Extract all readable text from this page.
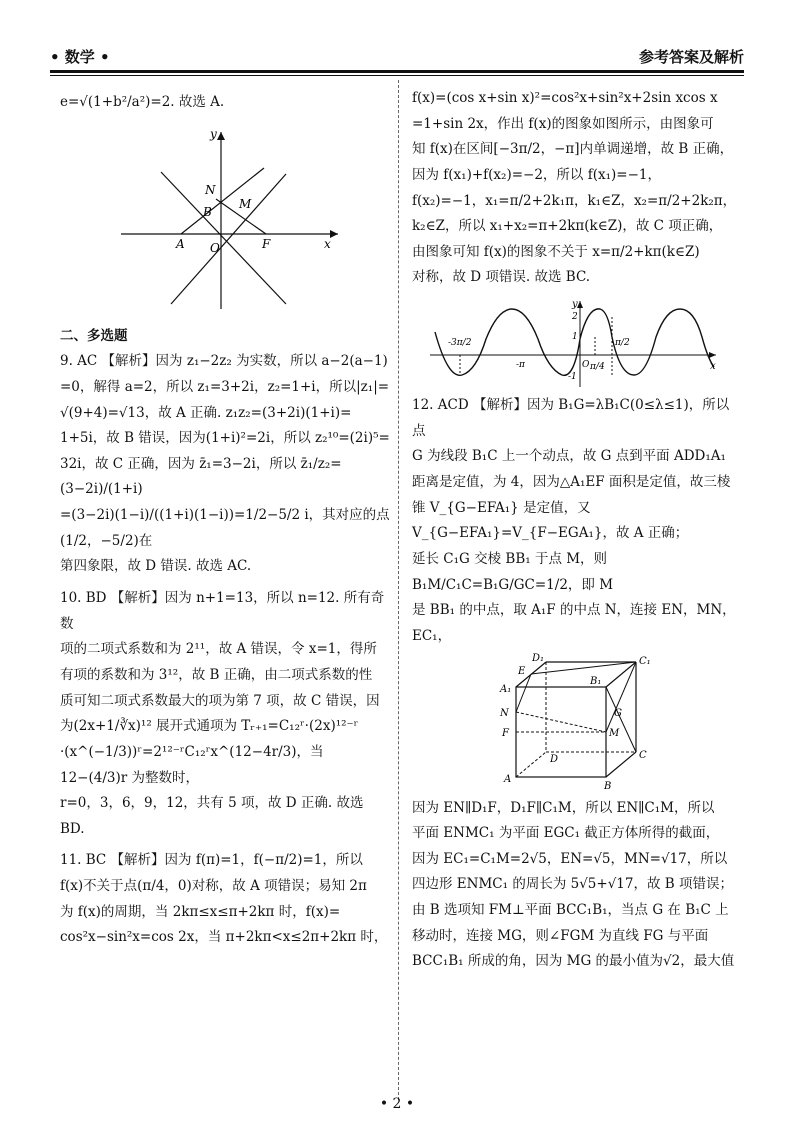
• 数学 •	参考答案及解析

e=√(1+b²/a²)=2. 故选 A.

y
x
N
B
M
A O	F

二、多选题

9. AC 【解析】因为 z₁−2z₂ 为实数，所以 a−2(a−1)

=0，解得 a=2，所以 z₁=3+2i，z₂=1+i，所以|z₁|=

√(9+4)=√13，故 A 正确. z₁z₂=(3+2i)(1+i)=

1+5i，故 B 错误，因为(1+i)²=2i，所以 z₂¹⁰=(2i)⁵=

32i，故 C 正确，因为 z̄₁=3−2i，所以 z̄₁/z₂=(3−2i)/(1+i)

=(3−2i)(1−i)/((1+i)(1−i))=1/2−5/2 i，其对应的点(1/2，−5/2)在

第四象限，故 D 错误. 故选 AC.

10. BD 【解析】因为 n+1=13，所以 n=12. 所有奇数

项的二项式系数和为 2¹¹，故 A 错误，令 x=1，得所

有项的系数和为 3¹²，故 B 正确，由二项式系数的性

质可知二项式系数最大的项为第 7 项，故 C 错误，因

为(2x+1/∛x)¹² 展开式通项为 Tᵣ₊₁=C₁₂ʳ·(2x)¹²⁻ʳ

·(x^(−1/3))ʳ=2¹²⁻ʳC₁₂ʳx^(12−4r/3)，当 12−(4/3)r 为整数时，

r=0，3，6，9，12，共有 5 项，故 D 正确. 故选 BD.

11. BC 【解析】因为 f(π)=1，f(−π/2)=1，所以

f(x)不关于点(π/4，0)对称，故 A 项错误；易知 2π

为 f(x)的周期，当 2kπ≤x≤π+2kπ 时，f(x)=

cos²x−sin²x=cos 2x，当 π+2kπ<x≤2π+2kπ 时，

f(x)=(cos x+sin x)²=cos²x+sin²x+2sin xcos x

=1+sin 2x，作出 f(x)的图象如图所示，由图象可

知 f(x)在区间[−3π/2，−π]内单调递增，故 B 正确，

因为 f(x₁)+f(x₂)=−2，所以 f(x₁)=−1，

f(x₂)=−1，x₁=π/2+2k₁π，k₁∈Z，x₂=π/2+2k₂π，

k₂∈Z，所以 x₁+x₂=π+2kπ(k∈Z)，故 C 项正确，

由图象可知 f(x)的图象不关于 x=π/2+kπ(k∈Z)

对称，故 D 项错误. 故选 BC.

y
x
2
1
-1
O
-3π/2
-π	π/4
π/2

12. ACD 【解析】因为 B₁G=λB₁C(0≤λ≤1)，所以点

G 为线段 B₁C 上一个动点，故 G 点到平面 ADD₁A₁

距离是定值，为 4，因为△A₁EF 面积是定值，故三棱

锥 V_{G−EFA₁} 是定值，又 V_{G−EFA₁}=V_{F−EGA₁}，故 A 正确；

延长 C₁G 交棱 BB₁ 于点 M，则 B₁M/C₁C=B₁G/GC=1/2，即 M

是 BB₁ 的中点，取 A₁F 的中点 N，连接 EN，MN，EC₁，

D₁	C₁
E
A₁
B₁
N	G
F
D
M
C
A
B

因为 EN∥D₁F，D₁F∥C₁M，所以 EN∥C₁M，所以

平面 ENMC₁ 为平面 EGC₁ 截正方体所得的截面，

因为 EC₁=C₁M=2√5，EN=√5，MN=√17，所以

四边形 ENMC₁ 的周长为 5√5+√17，故 B 项错误；

由 B 选项知 FM⊥平面 BCC₁B₁，当点 G 在 B₁C 上

移动时，连接 MG，则∠FGM 为直线 FG 与平面

BCC₁B₁ 所成的角，因为 MG 的最小值为√2，最大值

• 2 •
